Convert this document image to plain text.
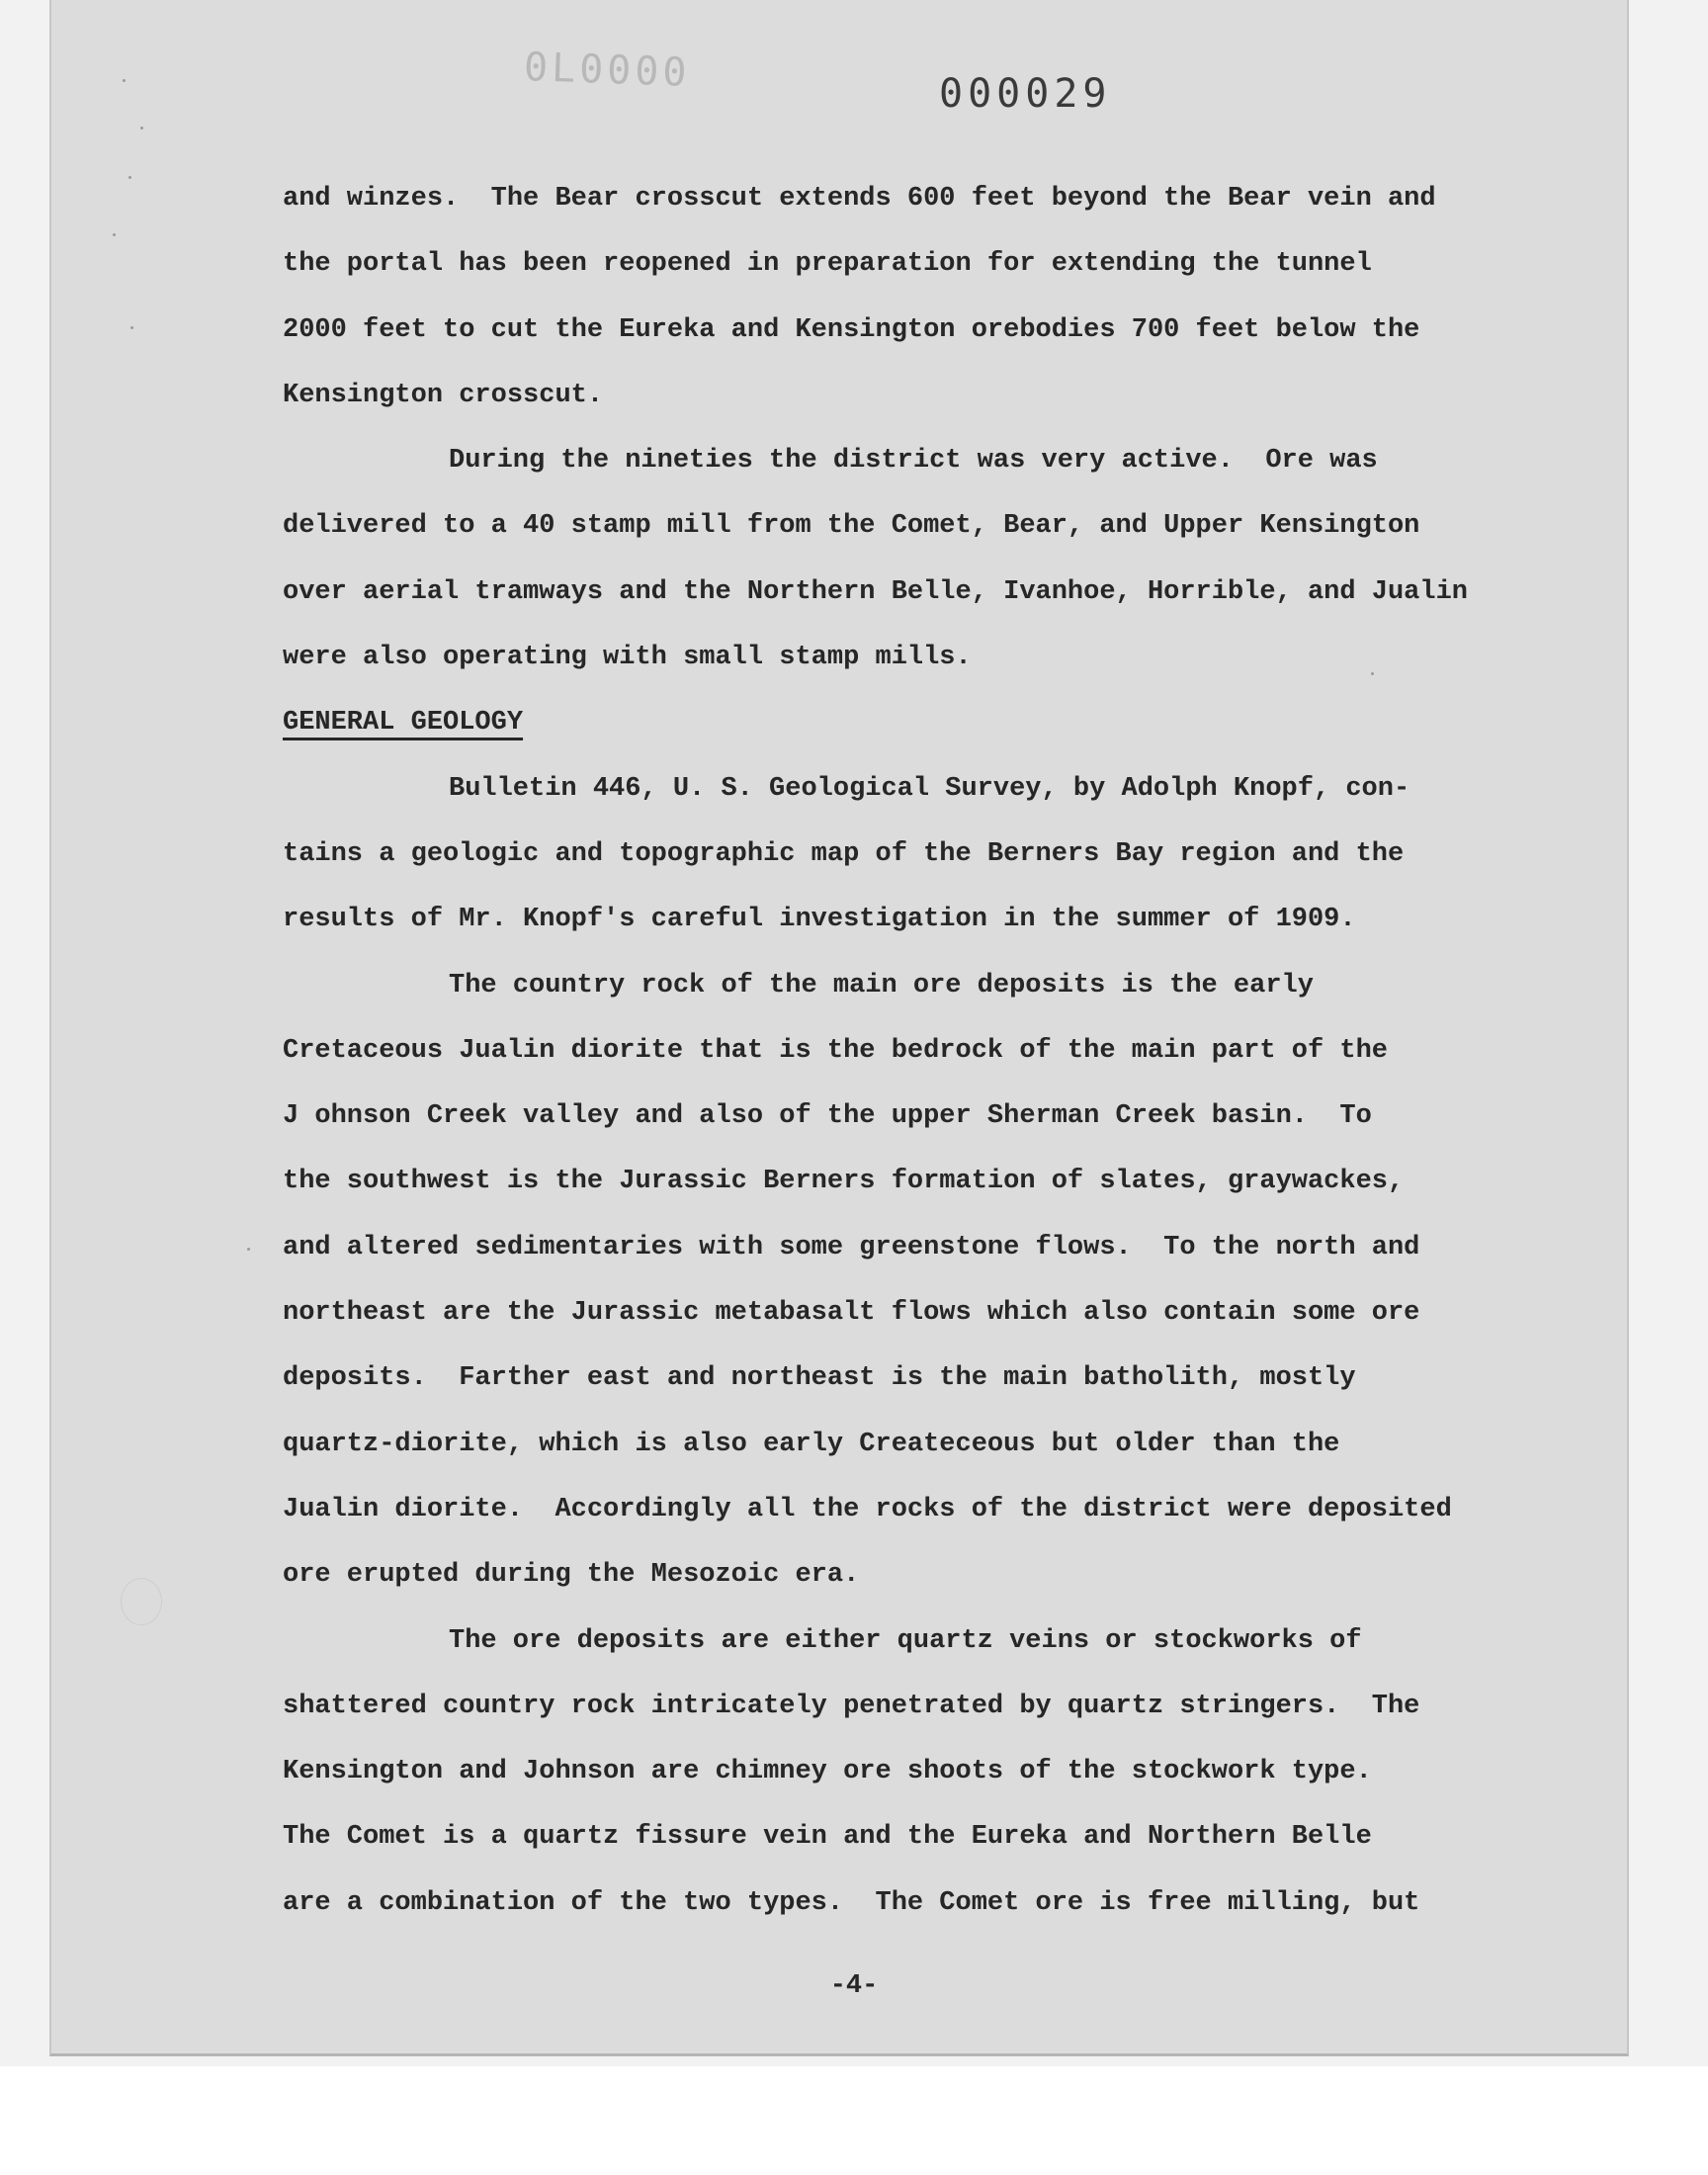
0L0000	000029
and winzes.  The Bear crosscut extends 600 feet beyond the Bear vein and
the portal has been reopened in preparation for extending the tunnel
2000 feet to cut the Eureka and Kensington orebodies 700 feet below the
Kensington crosscut.
During the nineties the district was very active.  Ore was
delivered to a 40 stamp mill from the Comet, Bear, and Upper Kensington
over aerial tramways and the Northern Belle, Ivanhoe, Horrible, and Jualin
were also operating with small stamp mills.
GENERAL GEOLOGY
Bulletin 446, U. S. Geological Survey, by Adolph Knopf, con-
tains a geologic and topographic map of the Berners Bay region and the
results of Mr. Knopf's careful investigation in the summer of 1909.
The country rock of the main ore deposits is the early
Cretaceous Jualin diorite that is the bedrock of the main part of the
J ohnson Creek valley and also of the upper Sherman Creek basin.  To
the southwest is the Jurassic Berners formation of slates, graywackes,
and altered sedimentaries with some greenstone flows.  To the north and
northeast are the Jurassic metabasalt flows which also contain some ore
deposits.  Farther east and northeast is the main batholith, mostly
quartz-diorite, which is also early Createceous but older than the
Jualin diorite.  Accordingly all the rocks of the district were deposited
ore erupted during the Mesozoic era.
The ore deposits are either quartz veins or stockworks of
shattered country rock intricately penetrated by quartz stringers.  The
Kensington and Johnson are chimney ore shoots of the stockwork type.
The Comet is a quartz fissure vein and the Eureka and Northern Belle
are a combination of the two types.  The Comet ore is free milling, but
-4-
